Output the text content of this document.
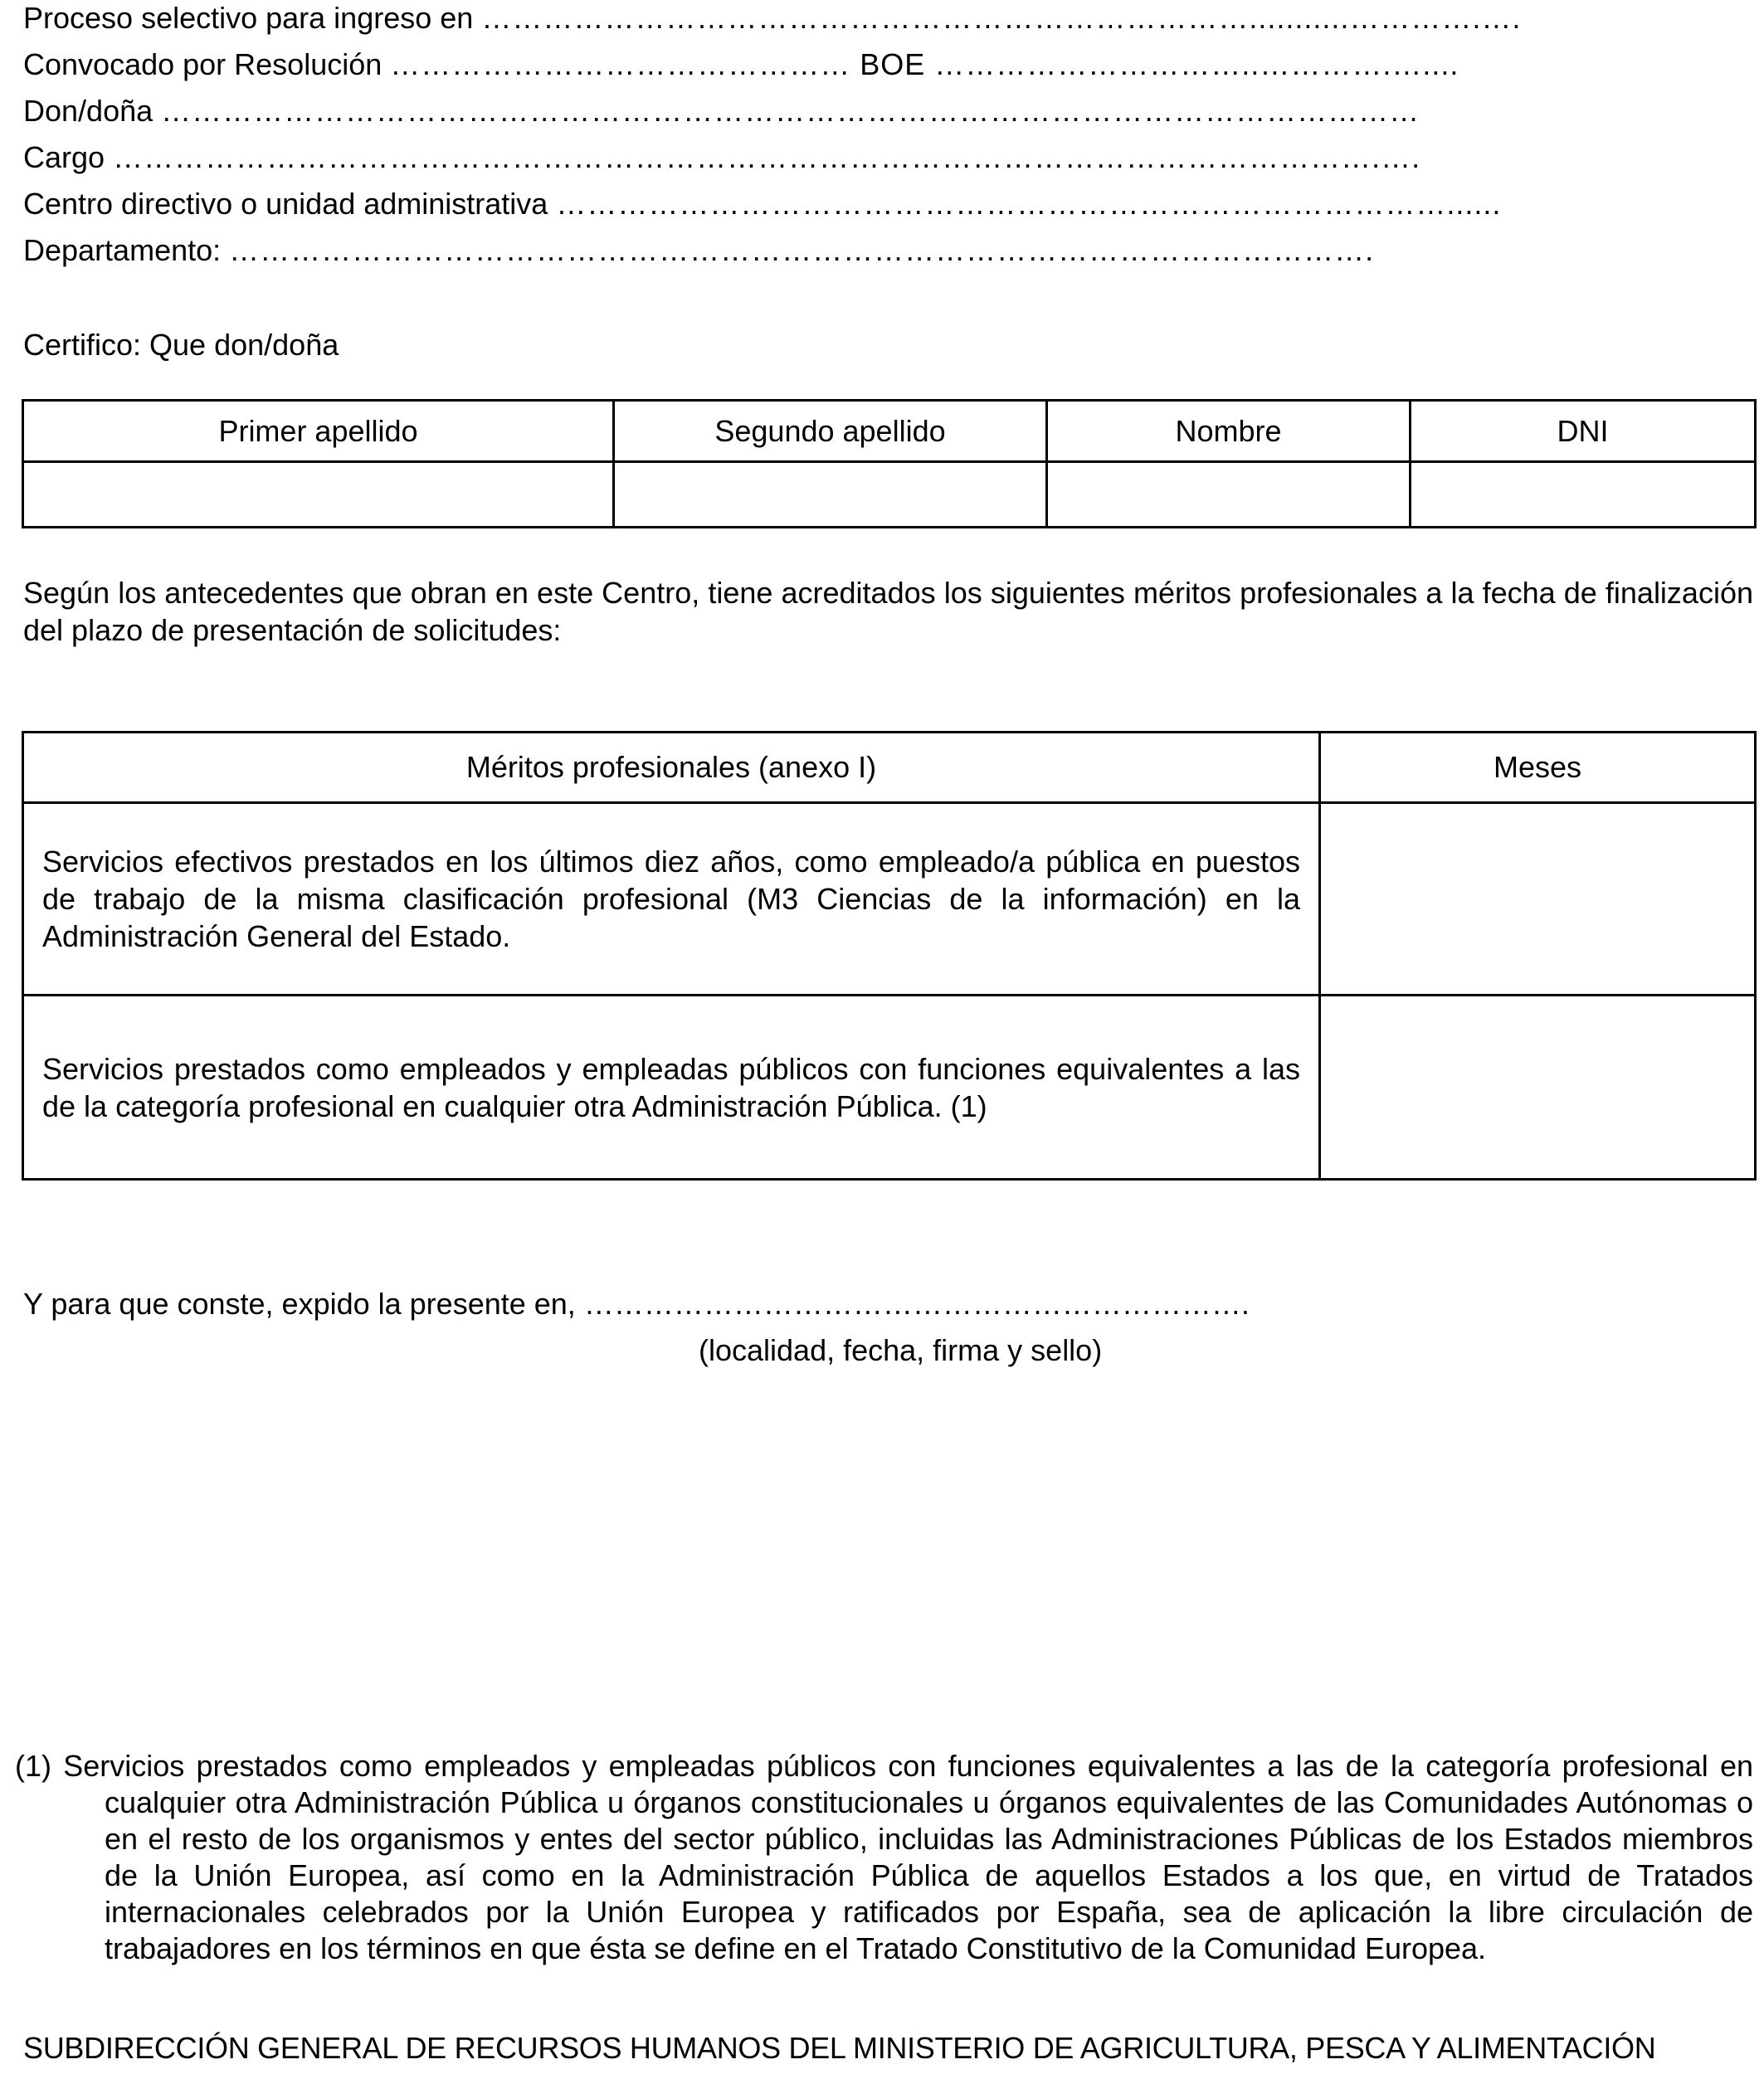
Proceso selectivo para ingreso en …………………………………………………………………...........………….….
Convocado por Resolución ……………………………………… BOE …………………………..………….…....
Don/doña ……………………………………………………………………………………………………………
Cargo …………………………………………………………………………………………………………….….
Centro directivo o unidad administrativa ……………………………………………………………………………......
Departamento: ………………………………………………………………………………………………….
Certifico: Que don/doña
Primer apellido	Segundo apellido	Nombre	DNI

Según los antecedentes que obran en este Centro, tiene acreditados los siguientes méritos profesionales a la fecha de finalización del plazo de presentación de solicitudes:
Méritos profesionales (anexo I)	Meses
Servicios efectivos prestados en los últimos diez años, como empleado/a pública en puestos de trabajo de la misma clasificación profesional (M3 Ciencias de la información) en la Administración General del Estado.	
Servicios prestados como empleados y empleadas públicos con funciones equivalentes a las de la categoría profesional en cualquier otra Administración Pública. (1)	
Y para que conste, expido la presente en, ………………………………………………………….
(localidad, fecha, firma y sello)
(1) Servicios prestados como empleados y empleadas públicos con funciones equivalentes a las de la categoría profesional en cualquier otra Administración Pública u órganos constitucionales u órganos equivalentes de las Comunidades Autónomas o en el resto de los organismos y entes del sector público, incluidas las Administraciones Públicas de los Estados miembros de la Unión Europea, así como en la Administración Pública de aquellos Estados a los que, en virtud de Tratados internacionales celebrados por la Unión Europea y ratificados por España, sea de aplicación la libre circulación de trabajadores en los términos en que ésta se define en el Tratado Constitutivo de la Comunidad Europea.
SUBDIRECCIÓN GENERAL DE RECURSOS HUMANOS DEL MINISTERIO DE AGRICULTURA, PESCA Y ALIMENTACIÓN
